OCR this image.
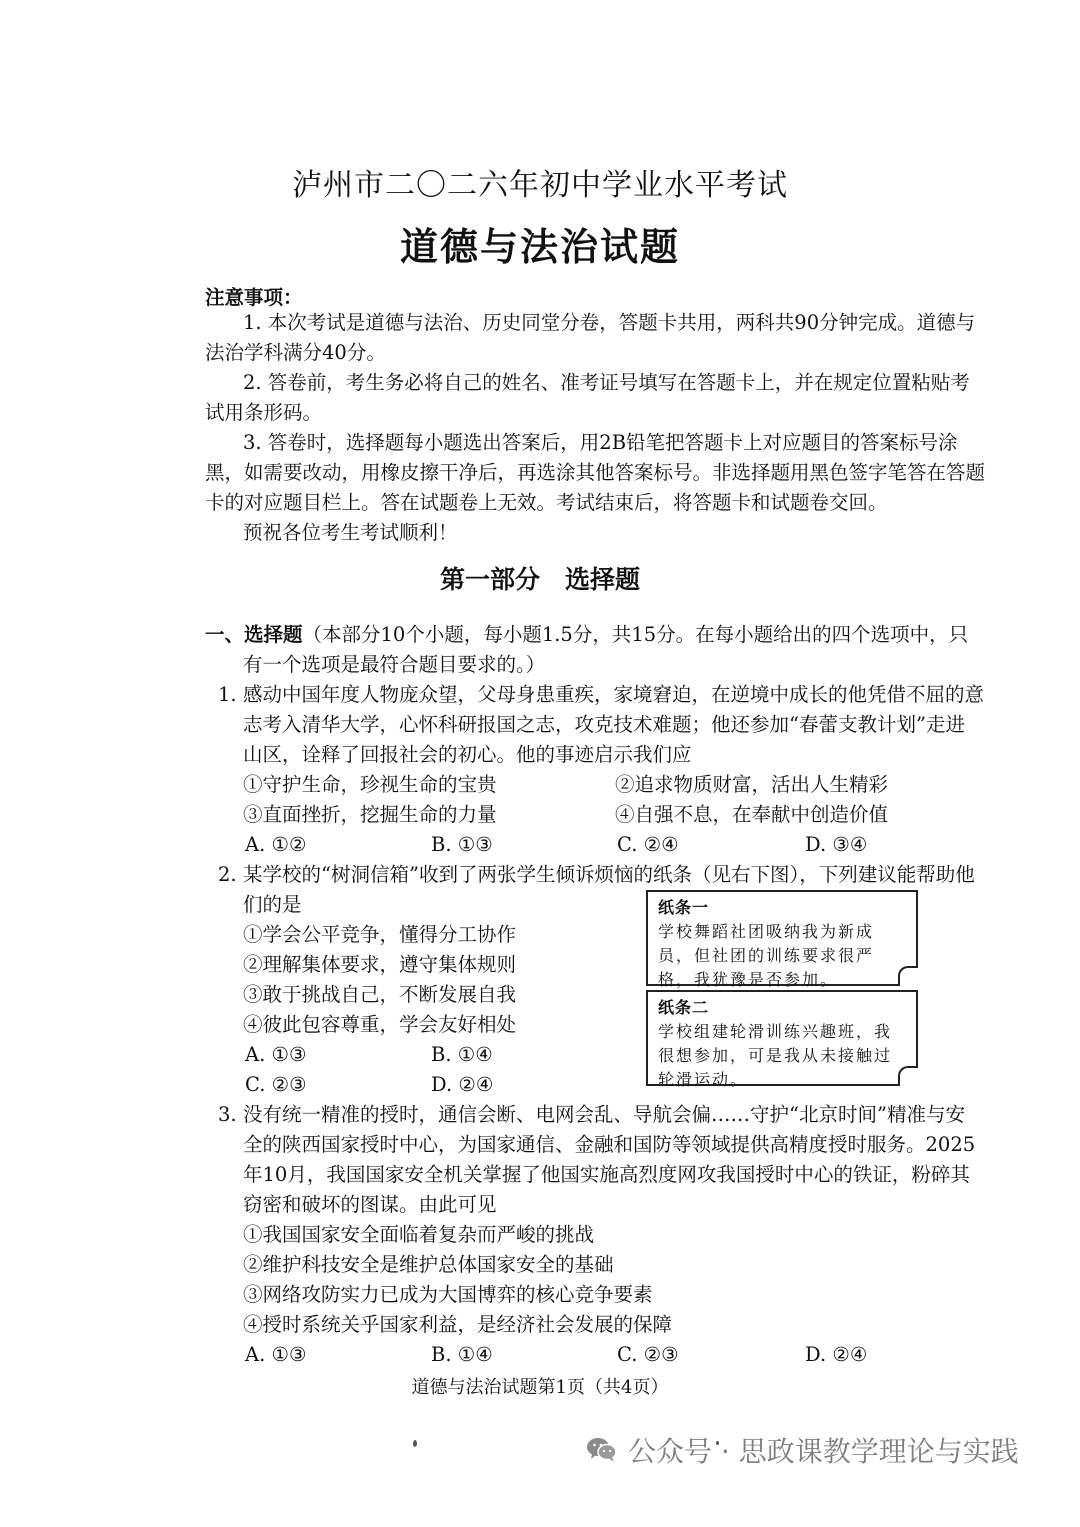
泸州市二〇二六年初中学业水平考试
道德与法治试题
注意事项：
1. 本次考试是道德与法治、历史同堂分卷，答题卡共用，两科共90分钟完成。道德与
法治学科满分40分。
2. 答卷前，考生务必将自己的姓名、准考证号填写在答题卡上，并在规定位置粘贴考
试用条形码。
3. 答卷时，选择题每小题选出答案后，用2B铅笔把答题卡上对应题目的答案标号涂
黑，如需要改动，用橡皮擦干净后，再选涂其他答案标号。非选择题用黑色签字笔答在答题
卡的对应题目栏上。答在试题卷上无效。考试结束后，将答题卡和试题卷交回。
预祝各位考生考试顺利！
第一部分　选择题
一、选择题（本部分10个小题，每小题1.5分，共15分。在每小题给出的四个选项中，只
有一个选项是最符合题目要求的。）
1. 感动中国年度人物庞众望，父母身患重疾，家境窘迫，在逆境中成长的他凭借不屈的意
志考入清华大学，心怀科研报国之志，攻克技术难题；他还参加“春蕾支教计划”走进
山区，诠释了回报社会的初心。他的事迹启示我们应
①守护生命，珍视生命的宝贵	②追求物质财富，活出人生精彩
③直面挫折，挖掘生命的力量	④自强不息，在奉献中创造价值
A. ①②	B. ①③	C. ②④	D. ③④
2. 某学校的“树洞信箱”收到了两张学生倾诉烦恼的纸条（见右下图），下列建议能帮助他
们的是
①学会公平竞争，懂得分工协作
②理解集体要求，遵守集体规则
③敢于挑战自己，不断发展自我
④彼此包容尊重，学会友好相处
A. ①③	B. ①④
C. ②③	D. ②④
纸条一
学校舞蹈社团吸纳我为新成
员，但社团的训练要求很严
格，我犹豫是否参加。
纸条二
学校组建轮滑训练兴趣班，我
很想参加，可是我从未接触过
轮滑运动。
3. 没有统一精准的授时，通信会断、电网会乱、导航会偏……守护“北京时间”精准与安
全的陕西国家授时中心，为国家通信、金融和国防等领域提供高精度授时服务。2025
年10月，我国国家安全机关掌握了他国实施高烈度网攻我国授时中心的铁证，粉碎其
窃密和破坏的图谋。由此可见
①我国国家安全面临着复杂而严峻的挑战
②维护科技安全是维护总体国家安全的基础
③网络攻防实力已成为大国博弈的核心竞争要素
④授时系统关乎国家利益，是经济社会发展的保障
A. ①③	B. ①④	C. ②③	D. ②④
道德与法治试题第1页（共4页）
公众号 · 思政课教学理论与实践
